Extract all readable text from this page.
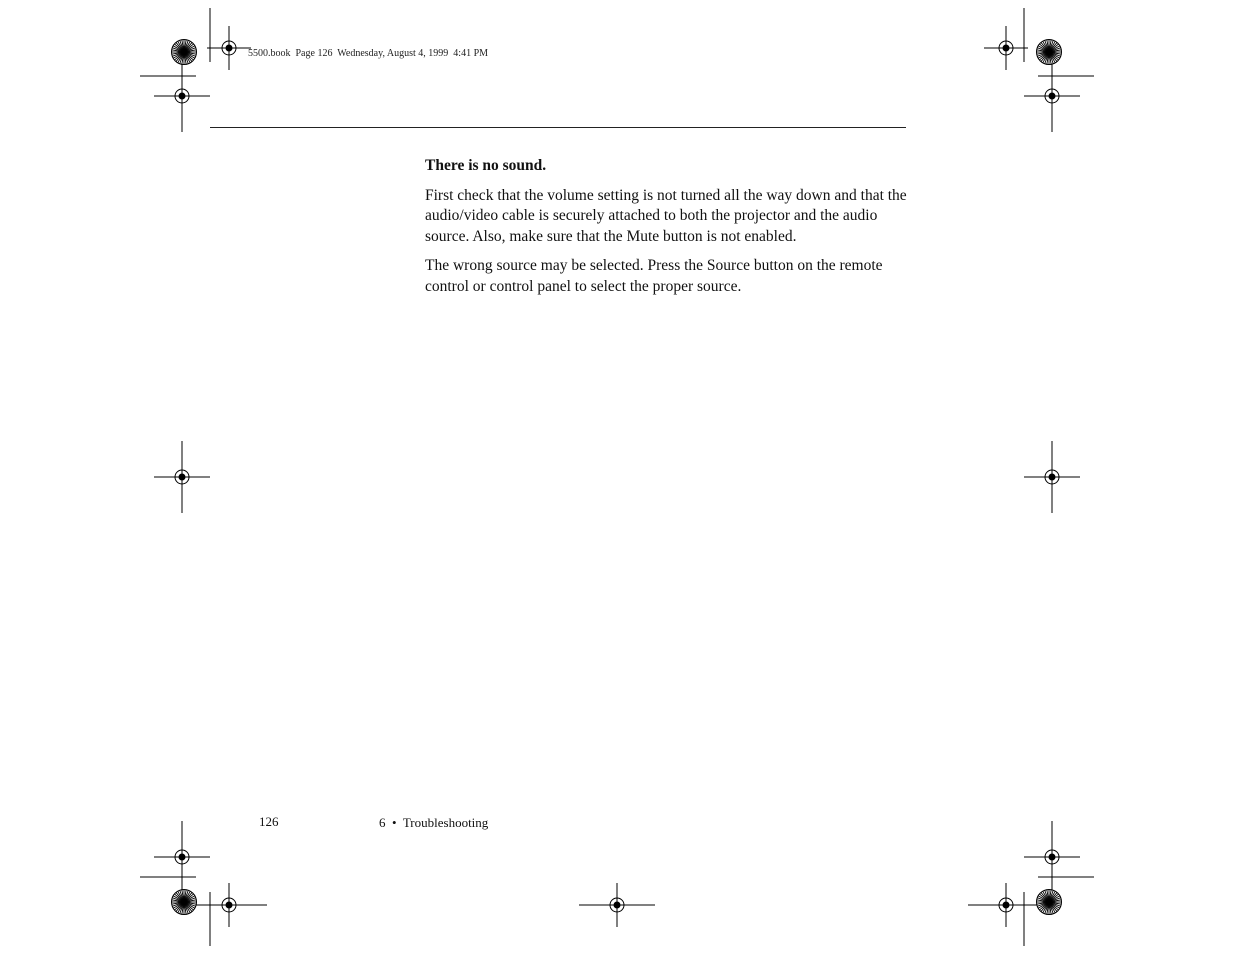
5500.book  Page 126  Wednesday, August 4, 1999  4:41 PM

There is no sound.

First check that the volume setting is not turned all the way down and that the audio/video cable is securely attached to both the projector and the audio source. Also, make sure that the Mute button is not enabled.

The wrong source may be selected. Press the Source button on the remote control or control panel to select the proper source.

126	6  •  Troubleshooting
